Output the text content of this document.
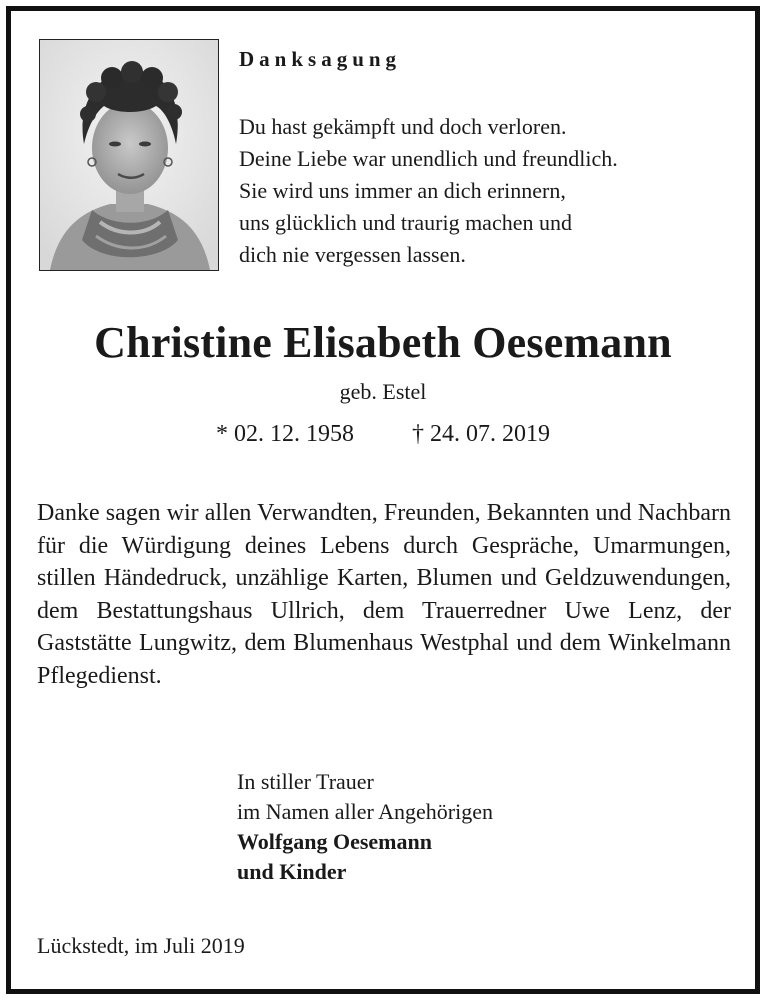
Danksagung
Du hast gekämpft und doch verloren.
Deine Liebe war unendlich und freundlich.
Sie wird uns immer an dich erinnern,
uns glücklich und traurig machen und
dich nie vergessen lassen.
Christine Elisabeth Oesemann
geb. Estel
* 02. 12. 1958 † 24. 07. 2019
Danke sagen wir allen Verwandten, Freunden, Bekannten und Nachbarn für die Würdigung deines Lebens durch Gespräche, Umarmungen, stillen Händedruck, unzählige Karten, Blumen und Geldzuwendungen, dem Bestattungshaus Ullrich, dem Trauerredner Uwe Lenz, der Gaststätte Lungwitz, dem Blumenhaus Westphal und dem Winkelmann Pflegedienst.
In stiller Trauer
im Namen aller Angehörigen
Wolfgang Oesemann
und Kinder
Lückstedt, im Juli 2019
